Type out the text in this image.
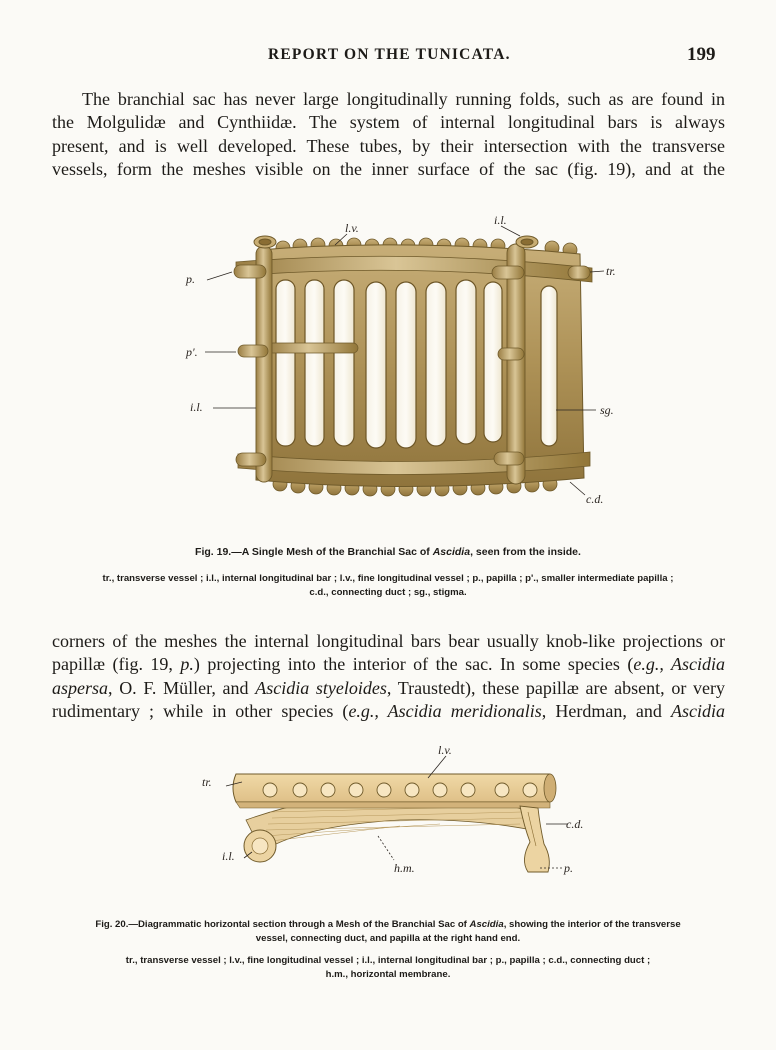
REPORT ON THE TUNICATA.	199

The branchial sac has never large longitudinally running folds, such as are found in
the Molgulidæ and Cynthiidæ. The system of internal longitudinal bars is always
present, and is well developed. These tubes, by their intersection with the transverse
vessels, form the meshes visible on the inner surface of the sac (fig. 19), and at the

p.
p'.
i.l.
l.v.
i.l.
tr.
sg.
c.d.
l.v.
tr.
c.d.
i.l.
h.m.	p.
Fig. 19.—A Single Mesh of the Branchial Sac of Ascidia, seen from the inside.
tr., transverse vessel ; i.l., internal longitudinal bar ; l.v., fine longitudinal vessel ; p., papilla ; p'., smaller intermediate papilla ;
c.d., connecting duct ; sg., stigma.

corners of the meshes the internal longitudinal bars bear usually knob-like projections or
papillæ (fig. 19, p.) projecting into the interior of the sac. In some species (e.g., Ascidia
aspersa, O. F. Müller, and Ascidia styeloides, Traustedt), these papillæ are absent, or very
rudimentary ; while in other species (e.g., Ascidia meridionalis, Herdman, and Ascidia

Fig. 20.—Diagrammatic horizontal section through a Mesh of the Branchial Sac of Ascidia, showing the interior of the transverse
vessel, connecting duct, and papilla at the right hand end.
tr., transverse vessel ; l.v., fine longitudinal vessel ; i.l., internal longitudinal bar ; p., papilla ; c.d., connecting duct ;
h.m., horizontal membrane.
